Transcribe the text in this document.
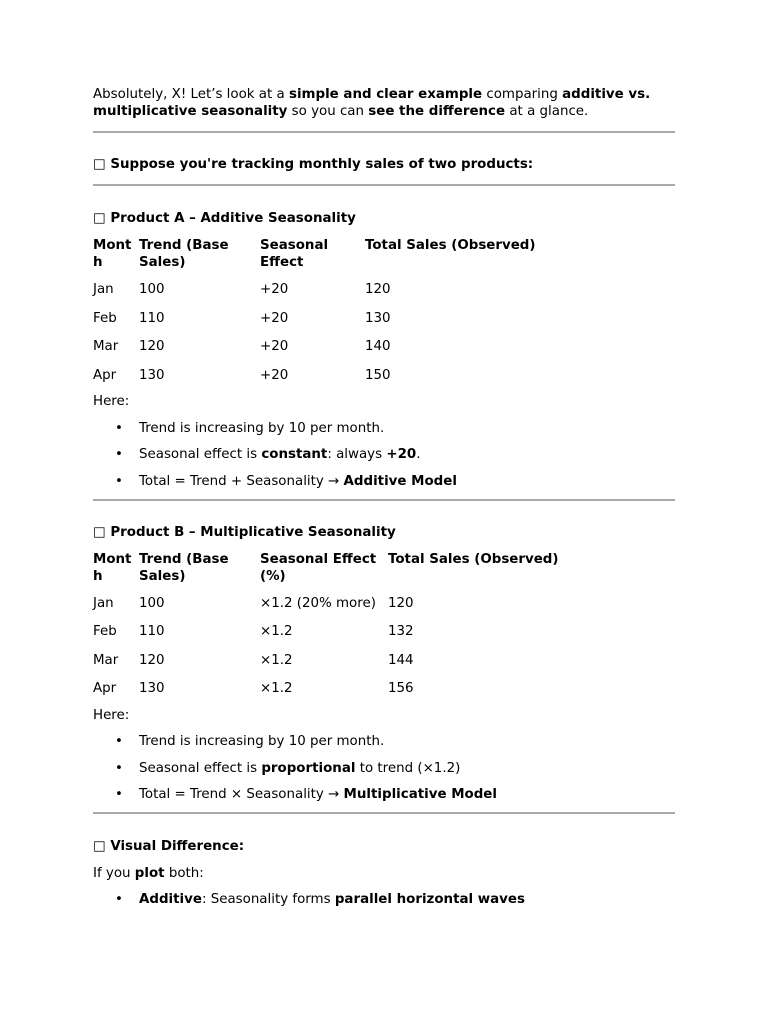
Absolutely, X! Let’s look at a simple and clear example comparing additive vs. multiplicative seasonality so you can see the difference at a glance.

□ Suppose you're tracking monthly sales of two products:

□ Product A – Additive Seasonality

Month	Trend (Base Sales)	Seasonal Effect	Total Sales (Observed)
Jan	100	+20	120
Feb	110	+20	130
Mar	120	+20	140
Apr	130	+20	150

Here:

• Trend is increasing by 10 per month.
• Seasonal effect is constant: always +20.
• Total = Trend + Seasonality → Additive Model

□ Product B – Multiplicative Seasonality

Month	Trend (Base Sales)	Seasonal Effect (%)	Total Sales (Observed)
Jan	100	×1.2 (20% more)	120
Feb	110	×1.2	132
Mar	120	×1.2	144
Apr	130	×1.2	156

Here:

• Trend is increasing by 10 per month.
• Seasonal effect is proportional to trend (×1.2)
• Total = Trend × Seasonality → Multiplicative Model

□ Visual Difference:

If you plot both:

• Additive: Seasonality forms parallel horizontal waves
